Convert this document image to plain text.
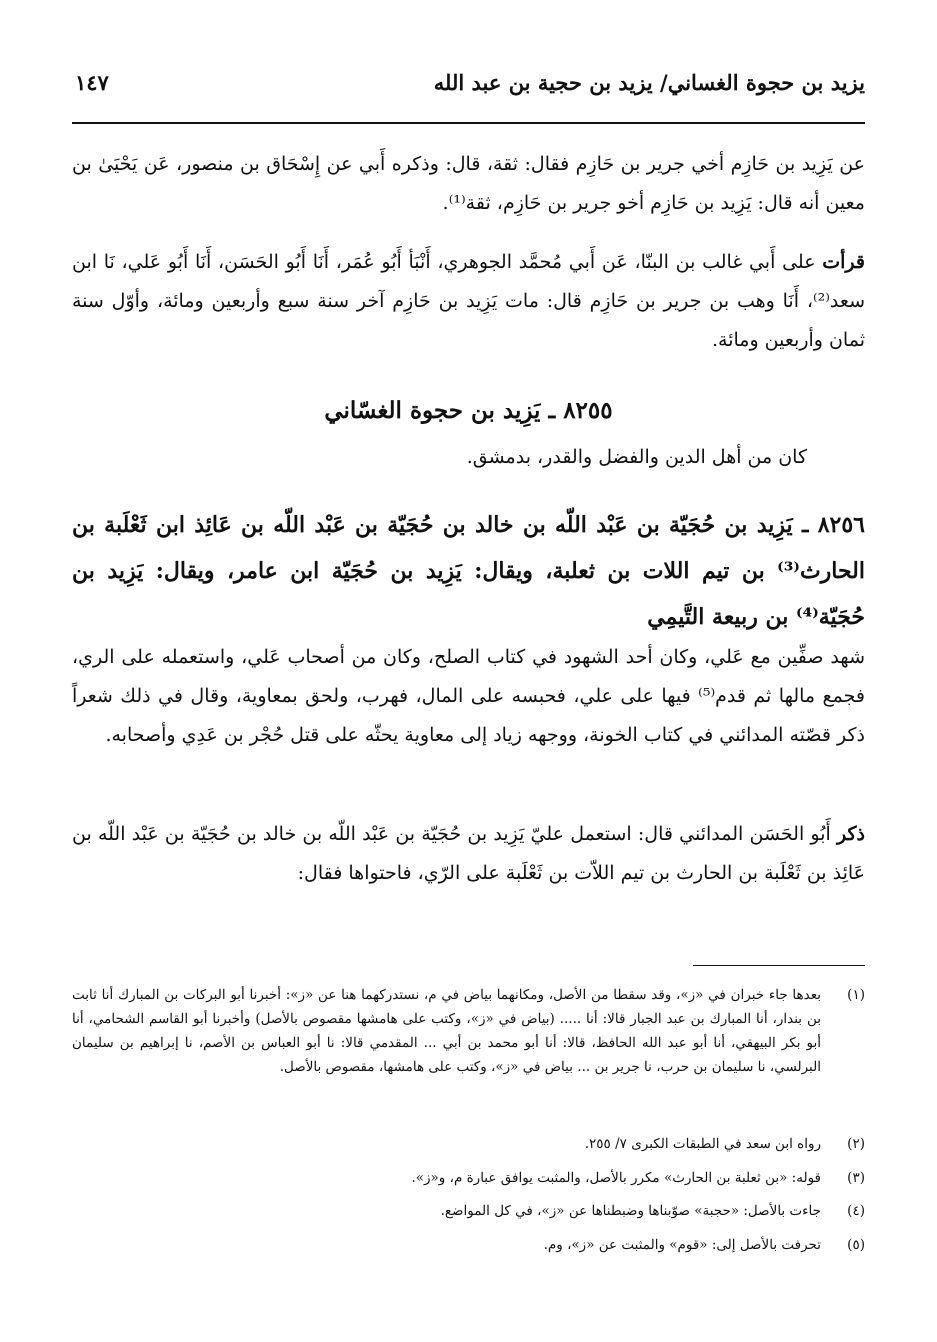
يزيد بن حجوة الغساني/ يزيد بن حجية بن عبد الله
١٤٧

عن يَزِيد بن حَازِم أخي جرير بن حَازِم فقال: ثقة، قال: وذكره أَبي عن إِسْحَاق بن منصور، عَن يَحْيَىٰ بن معين أنه قال: يَزِيد بن حَازِم أخو جرير بن حَازِم، ثقة⁽¹⁾.

قرأت على أَبي غالب بن البنّا، عَن أَبي مُحمَّد الجوهري، أَنْبَأ أَبُو عُمَر، أَنَا أَبُو الحَسَن، أَنَا أَبُو عَلي، نَا ابن سعد⁽²⁾، أَنَا وهب بن جرير بن حَازِم قال: مات يَزِيد بن حَازِم آخر سنة سبع وأربعين ومائة، وأوّل سنة ثمان وأربعين ومائة.

٨٢٥٥ ـ يَزِيد بن حجوة الغسّاني

كان من أهل الدين والفضل والقدر، بدمشق.

٨٢٥٦ ـ يَزِيد بن حُجَيّة بن عَبْد اللّه بن خالد بن حُجَيّة بن عَبْد اللّه بن عَائِذ ابن ثَعْلَبة بن الحارث⁽³⁾ بن تيم اللات بن ثعلبة، ويقال: يَزِيد بن حُجَيّة ابن عامر، ويقال: يَزِيد بن حُجَيّة⁽⁴⁾ بن ربيعة التَّيمِي

شهد صفِّين مع عَلي، وكان أحد الشهود في كتاب الصلح، وكان من أصحاب عَلي، واستعمله على الري، فجمع مالها ثم قدم⁽⁵⁾ فيها على علي، فحبسه على المال، فهرب، ولحق بمعاوية، وقال في ذلك شعراً ذكر قصّته المدائني في كتاب الخونة، ووجهه زياد إلى معاوية يحثّه على قتل حُجْر بن عَدِي وأصحابه.

ذكر أَبُو الحَسَن المدائني قال: استعمل عليّ يَزِيد بن حُجَيّة بن عَبْد اللّه بن خالد بن حُجَيّة بن عَبْد اللّه بن عَائِذ بن ثَعْلَبة بن الحارث بن تيم اللاّت بن ثَعْلَبة على الرّي، فاحتواها فقال:

(١)
بعدها جاء خبران في «ز»، وقد سقطا من الأصل، ومكانهما بياض في م، نستدركهما هنا عن «ز»: أخبرنا أبو البركات بن المبارك أنا ثابت بن بندار، أنا المبارك بن عبد الجبار قالا: أنا ..... (بياض في «ز»، وكتب على هامشها مقصوص بالأصل) وأخبرنا أبو القاسم الشحامي، أنا أبو بكر البيهقي، أنا أبو عبد الله الحافظ، قالا: أنا أبو محمد بن أبي ... المقدمي قالا: نا أبو العباس بن الأصم، نا إبراهيم بن سليمان البرلسي، نا سليمان بن حرب، نا جرير بن ... بياض في «ز»، وكتب على هامشها، مقصوص بالأصل.
(٢)
رواه ابن سعد في الطبقات الكبرى ٧/ ٢٥٥.
(٣)
قوله: «بن ثعلبة بن الحارث» مكرر بالأصل، والمثبت يوافق عبارة م، و«ز».
(٤)
جاءت بالأصل: «حجبة» صوّبناها وضبطناها عن «ز»، في كل المواضع.
(٥)
تحرفت بالأصل إلى: «قوم» والمثبت عن «ز»، وم.
